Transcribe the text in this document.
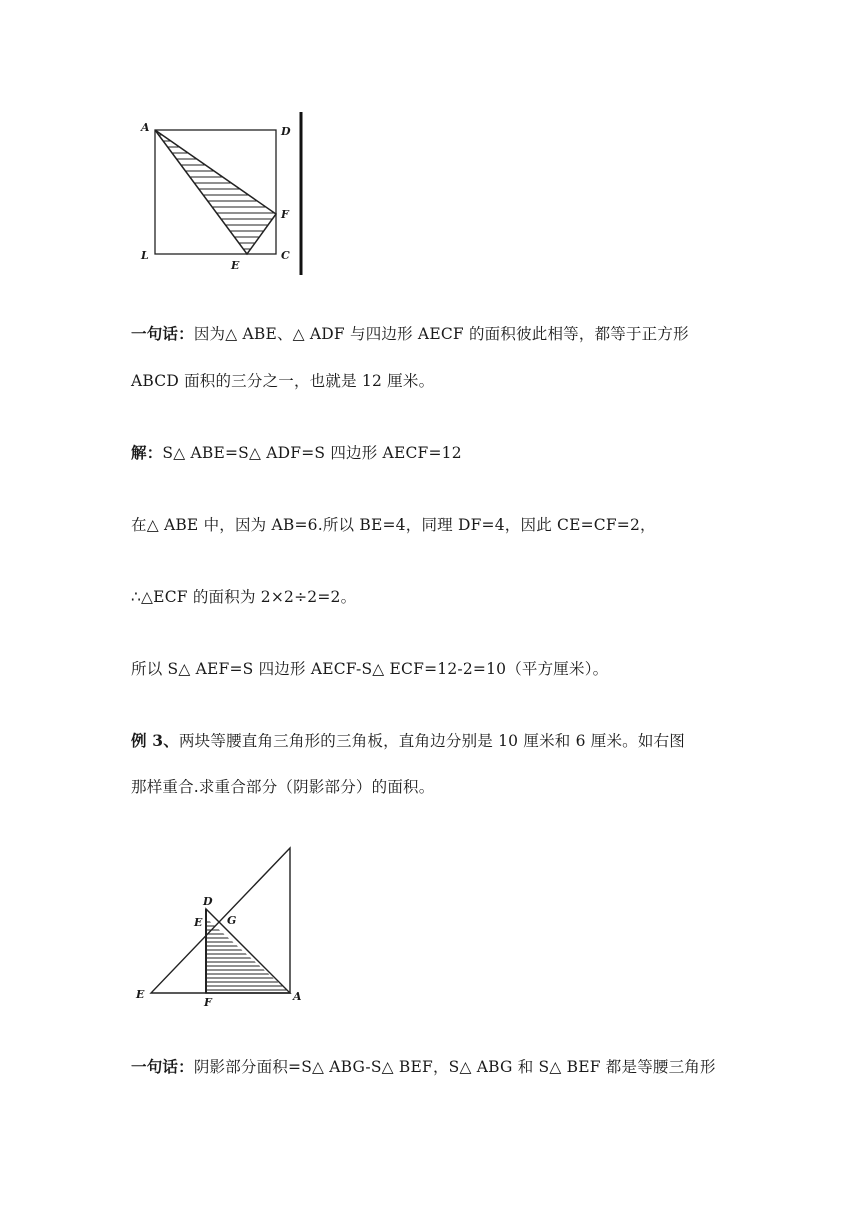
A	D
F
L
E
C
一句话：因为△ ABE、△ ADF 与四边形 AECF 的面积彼此相等，都等于正方形
ABCD 面积的三分之一，也就是 12 厘米。
解：S△ ABE=S△ ADF=S 四边形 AECF=12
在△ ABE 中，因为 AB=6.所以 BE=4，同理 DF=4，因此 CE=CF=2，
∴△ECF 的面积为 2×2÷2=2。
所以 S△ AEF=S 四边形 AECF-S△ ECF=12-2=10（平方厘米）。
例 3、两块等腰直角三角形的三角板，直角边分别是 10 厘米和 6 厘米。如右图
那样重合.求重合部分（阴影部分）的面积。
D
E G
E
F	A
一句话：阴影部分面积=S△ ABG-S△ BEF，S△ ABG 和 S△ BEF 都是等腰三角形
